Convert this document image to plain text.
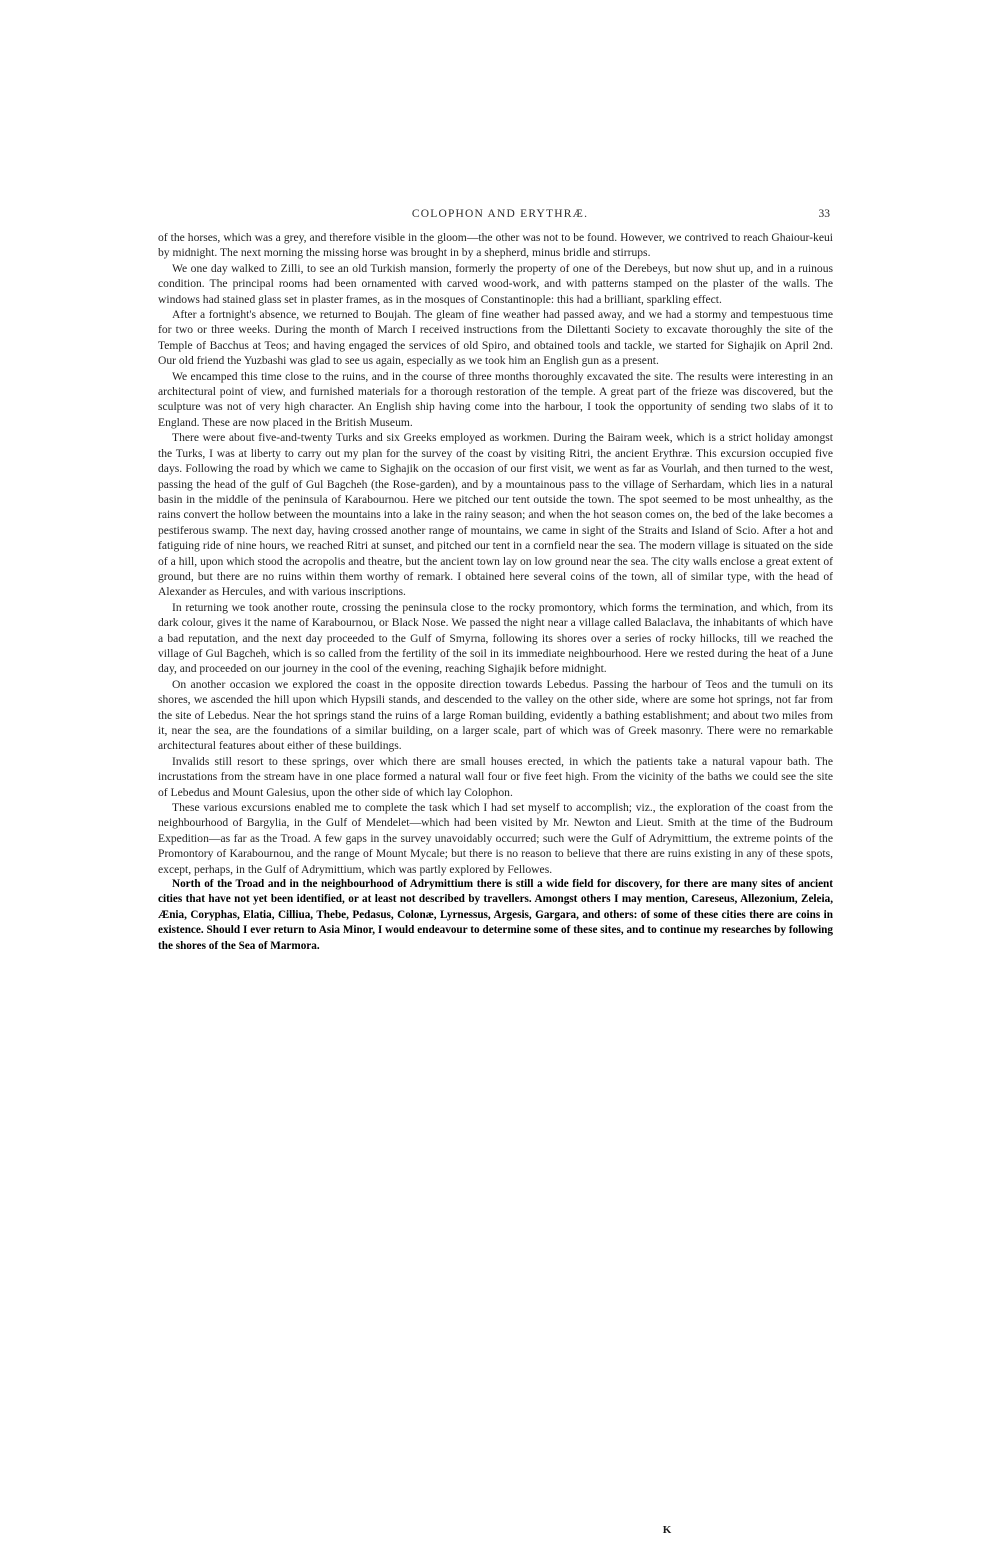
COLOPHON AND ERYTHRÆ.	33

of the horses, which was a grey, and therefore visible in the gloom—the other was not to be found. However, we contrived to reach Ghaiour-keui by midnight. The next morning the missing horse was brought in by a shepherd, minus bridle and stirrups.

We one day walked to Zilli, to see an old Turkish mansion, formerly the property of one of the Derebeys, but now shut up, and in a ruinous condition. The principal rooms had been ornamented with carved wood-work, and with patterns stamped on the plaster of the walls. The windows had stained glass set in plaster frames, as in the mosques of Constantinople: this had a brilliant, sparkling effect.

After a fortnight's absence, we returned to Boujah. The gleam of fine weather had passed away, and we had a stormy and tempestuous time for two or three weeks. During the month of March I received instructions from the Dilettanti Society to excavate thoroughly the site of the Temple of Bacchus at Teos; and having engaged the services of old Spiro, and obtained tools and tackle, we started for Sighajik on April 2nd. Our old friend the Yuzbashi was glad to see us again, especially as we took him an English gun as a present.

We encamped this time close to the ruins, and in the course of three months thoroughly excavated the site. The results were interesting in an architectural point of view, and furnished materials for a thorough restoration of the temple. A great part of the frieze was discovered, but the sculpture was not of very high character. An English ship having come into the harbour, I took the opportunity of sending two slabs of it to England. These are now placed in the British Museum.

There were about five-and-twenty Turks and six Greeks employed as workmen. During the Bairam week, which is a strict holiday amongst the Turks, I was at liberty to carry out my plan for the survey of the coast by visiting Ritri, the ancient Erythræ. This excursion occupied five days. Following the road by which we came to Sighajik on the occasion of our first visit, we went as far as Vourlah, and then turned to the west, passing the head of the gulf of Gul Bagcheh (the Rose-garden), and by a mountainous pass to the village of Serhardam, which lies in a natural basin in the middle of the peninsula of Karabournou. Here we pitched our tent outside the town. The spot seemed to be most unhealthy, as the rains convert the hollow between the mountains into a lake in the rainy season; and when the hot season comes on, the bed of the lake becomes a pestiferous swamp. The next day, having crossed another range of mountains, we came in sight of the Straits and Island of Scio. After a hot and fatiguing ride of nine hours, we reached Ritri at sunset, and pitched our tent in a cornfield near the sea. The modern village is situated on the side of a hill, upon which stood the acropolis and theatre, but the ancient town lay on low ground near the sea. The city walls enclose a great extent of ground, but there are no ruins within them worthy of remark. I obtained here several coins of the town, all of similar type, with the head of Alexander as Hercules, and with various inscriptions.

In returning we took another route, crossing the peninsula close to the rocky promontory, which forms the termination, and which, from its dark colour, gives it the name of Karabournou, or Black Nose. We passed the night near a village called Balaclava, the inhabitants of which have a bad reputation, and the next day proceeded to the Gulf of Smyrna, following its shores over a series of rocky hillocks, till we reached the village of Gul Bagcheh, which is so called from the fertility of the soil in its immediate neighbourhood. Here we rested during the heat of a June day, and proceeded on our journey in the cool of the evening, reaching Sighajik before midnight.

On another occasion we explored the coast in the opposite direction towards Lebedus. Passing the harbour of Teos and the tumuli on its shores, we ascended the hill upon which Hypsili stands, and descended to the valley on the other side, where are some hot springs, not far from the site of Lebedus. Near the hot springs stand the ruins of a large Roman building, evidently a bathing establishment; and about two miles from it, near the sea, are the foundations of a similar building, on a larger scale, part of which was of Greek masonry. There were no remarkable architectural features about either of these buildings.

Invalids still resort to these springs, over which there are small houses erected, in which the patients take a natural vapour bath. The incrustations from the stream have in one place formed a natural wall four or five feet high. From the vicinity of the baths we could see the site of Lebedus and Mount Galesius, upon the other side of which lay Colophon.

These various excursions enabled me to complete the task which I had set myself to accomplish; viz., the exploration of the coast from the neighbourhood of Bargylia, in the Gulf of Mendelet—which had been visited by Mr. Newton and Lieut. Smith at the time of the Budroum Expedition—as far as the Troad. A few gaps in the survey unavoidably occurred; such were the Gulf of Adrymittium, the extreme points of the Promontory of Karabournou, and the range of Mount Mycale; but there is no reason to believe that there are ruins existing in any of these spots, except, perhaps, in the Gulf of Adrymittium, which was partly explored by Fellowes.

North of the Troad and in the neighbourhood of Adrymittium there is still a wide field for discovery, for there are many sites of ancient cities that have not yet been identified, or at least not described by travellers. Amongst others I may mention, Careseus, Allezonium, Zeleia, Ænia, Coryphas, Elatia, Cilliua, Thebe, Pedasus, Colonæ, Lyrnessus, Argesis, Gargara, and others: of some of these cities there are coins in existence. Should I ever return to Asia Minor, I would endeavour to determine some of these sites, and to continue my researches by following the shores of the Sea of Marmora.

K
